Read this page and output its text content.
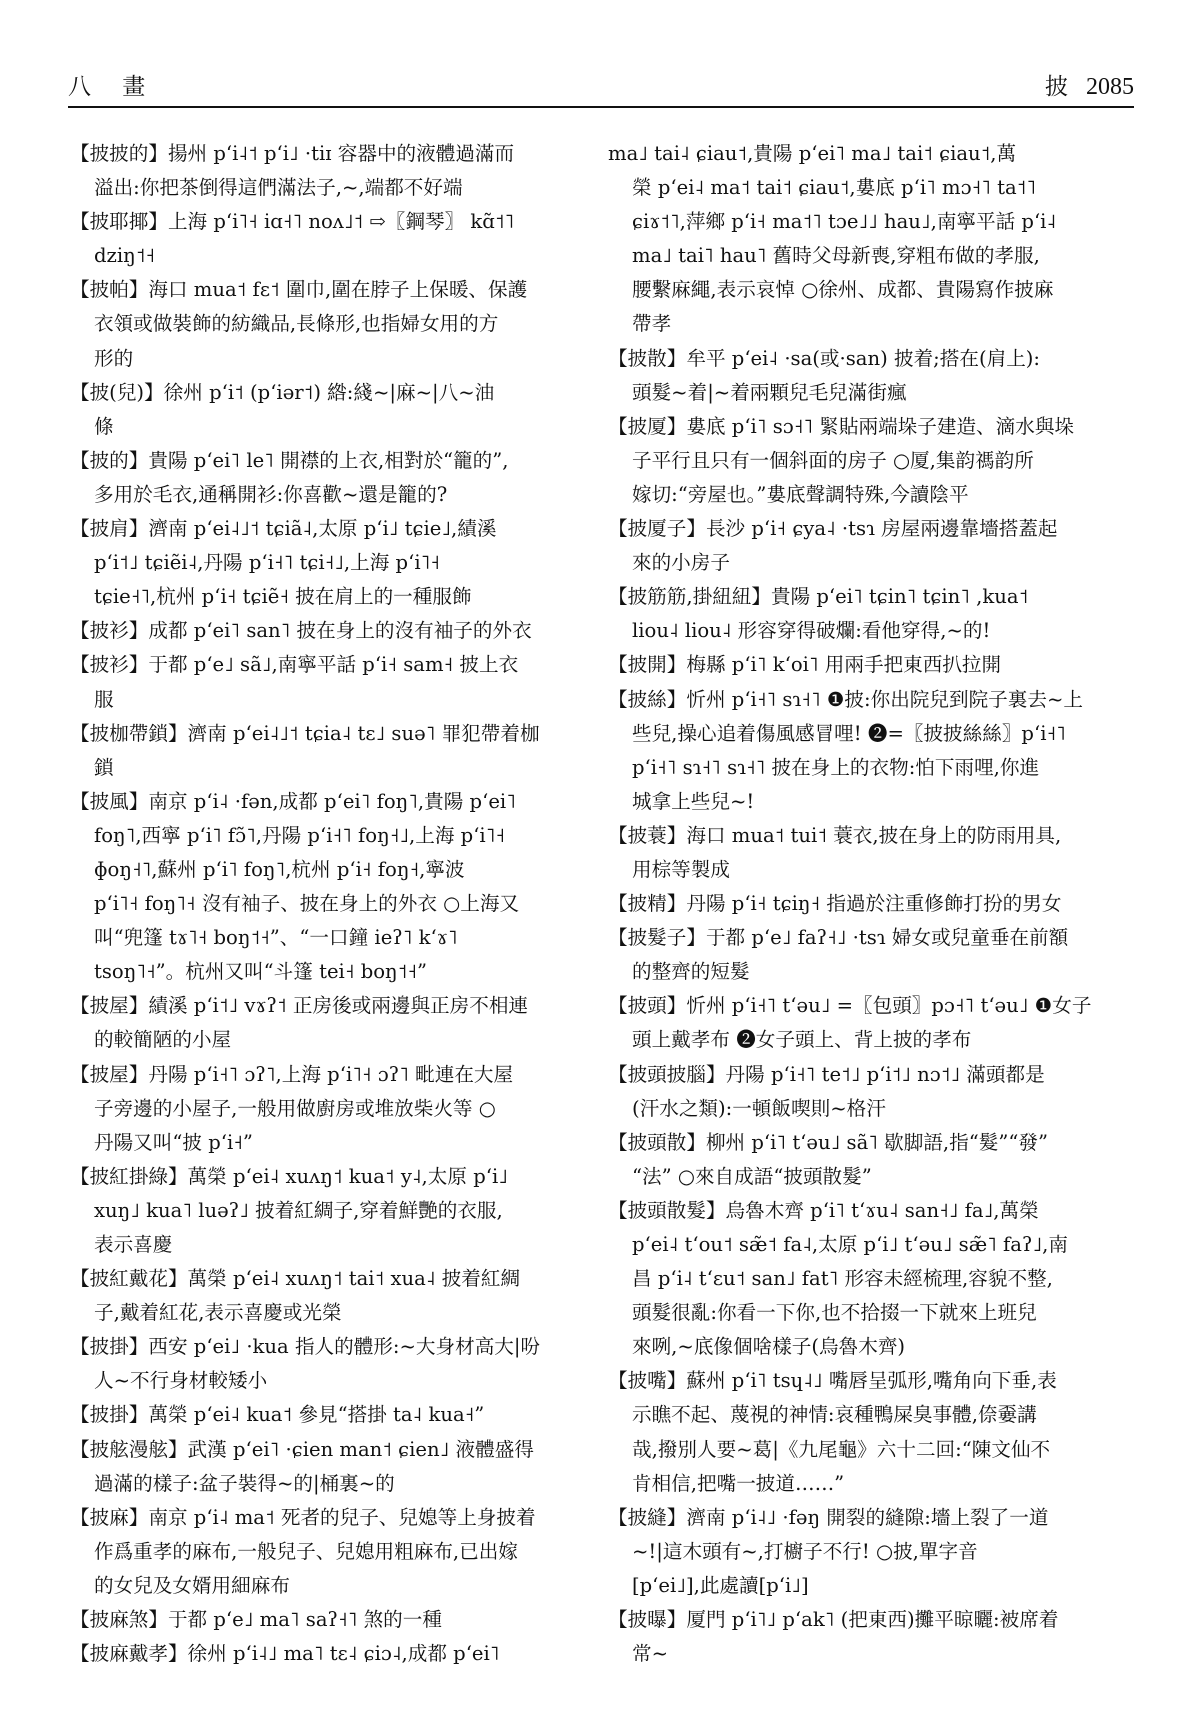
八 畫	披 2085
【披披的】揚州 pʻi˨˦ pʻi˩ ·tiɪ 容器中的液體過滿而
溢出:你把茶倒得這們滿法子,~,端都不好端
【披耶揶】上海 pʻi˥˧ iɑ˧˥ noʌ˩˦ ⇨〖鋼琴〗 kɑ̃˦˥
dziŋ˦˧
【披帕】海口 mua˦ fɛ˦ 圍巾,圍在脖子上保暖、保護
衣領或做裝飾的紡織品,長條形,也指婦女用的方
形的
【披(兒)】徐州 pʻi˦ (pʻiər˦) 綹:綫~|麻~|八~油
條
【披的】貴陽 pʻei˥ le˥ 開襟的上衣,相對於“籠的”,
多用於毛衣,通稱開衫:你喜歡~還是籠的?
【披肩】濟南 pʻei˨˩˦ tɕiã˨,太原 pʻi˩ tɕie˩,績溪
pʻi˦˩ tɕiẽi˨,丹陽 pʻi˧˥ tɕi˧˩,上海 pʻi˥˧
tɕie˧˥,杭州 pʻi˧ tɕiẽ˧ 披在肩上的一種服飾
【披衫】成都 pʻei˥ san˥ 披在身上的沒有袖子的外衣
【披衫】于都 pʻe˩ sã˩,南寧平話 pʻi˧ sam˧ 披上衣
服
【披枷帶鎖】濟南 pʻei˨˩˦ tɕia˨ tɛ˩ suə˥ 罪犯帶着枷
鎖
【披風】南京 pʻi˨ ·fən,成都 pʻei˥ foŋ˥,貴陽 pʻei˥
foŋ˥,西寧 pʻi˥ fɔ̃˥,丹陽 pʻi˧˥ foŋ˧˩,上海 pʻi˥˧
ɸoŋ˧˥,蘇州 pʻi˥ foŋ˥,杭州 pʻi˧ foŋ˧,寧波
pʻi˥˧ foŋ˥˧ 沒有袖子、披在身上的外衣 ○上海又
叫“兜篷 tɤ˥˧ boŋ˦˧”、“一口鐘 ieʔ˥ kʻɤ˥
tsoŋ˥˧”。杭州又叫“斗篷 tei˧ boŋ˦˧”
【披屋】績溪 pʻi˦˩ vɤʔ˦ 正房後或兩邊與正房不相連
的較簡陋的小屋
【披屋】丹陽 pʻi˧˥ ɔʔ˥,上海 pʻi˥˧ ɔʔ˥ 毗連在大屋
子旁邊的小屋子,一般用做廚房或堆放柴火等 ○
丹陽又叫“披 pʻi˧”
【披紅掛綠】萬榮 pʻei˨ xuʌŋ˦ kua˦ y˨,太原 pʻi˩
xuŋ˩ kua˥ luəʔ˩ 披着紅綢子,穿着鮮艷的衣服,
表示喜慶
【披紅戴花】萬榮 pʻei˨ xuʌŋ˦ tai˦ xua˨ 披着紅綢
子,戴着紅花,表示喜慶或光榮
【披掛】西安 pʻei˩ ·kua 指人的體形:~大身材高大|吩
人~不行身材較矮小
【披掛】萬榮 pʻei˨ kua˦ 參見“搭掛 ta˨ kua˧”
【披舷漫舷】武漢 pʻei˥ ·ɕien man˦ ɕien˩ 液體盛得
過滿的樣子:盆子裝得~的|桶裏~的
【披麻】南京 pʻi˨ ma˦ 死者的兒子、兒媳等上身披着
作爲重孝的麻布,一般兒子、兒媳用粗麻布,已出嫁
的女兒及女婿用細麻布
【披麻煞】于都 pʻe˩ ma˥ saʔ˧˥ 煞的一種
【披麻戴孝】徐州 pʻi˨˩ ma˥ tɛ˨ ɕiɔ˨,成都 pʻei˥
ma˩ tai˨ ɕiau˦,貴陽 pʻei˥ ma˩ tai˦ ɕiau˦,萬
榮 pʻei˨ ma˦ tai˦ ɕiau˦,婁底 pʻi˥ mɔ˧˥ ta˦˥
ɕiɤ˦˥,萍鄉 pʻi˧ ma˦˥ tɔe˩˩ hau˩,南寧平話 pʻi˨
ma˩ tai˥ hau˥ 舊時父母新喪,穿粗布做的孝服,
腰繫麻繩,表示哀悼 ○徐州、成都、貴陽寫作披麻
帶孝
【披散】牟平 pʻei˨ ·sa(或·san) 披着;搭在(肩上):
頭髮~着|~着兩顆兒毛兒滿街瘋
【披厦】婁底 pʻi˥ sɔ˧˥ 緊貼兩端垛子建造、滴水與垛
子平行且只有一個斜面的房子 ○厦,集韵禡韵所
嫁切:“旁屋也。”婁底聲調特殊,今讀陰平
【披厦子】長沙 pʻi˧ ɕya˨ ·tsɿ 房屋兩邊靠墻搭蓋起
來的小房子
【披筋筋,掛紐紐】貴陽 pʻei˥ tɕin˥ tɕin˥ ,kua˦
liou˨ liou˨ 形容穿得破爛:看他穿得,~的!
【披開】梅縣 pʻi˥ kʻoi˥ 用兩手把東西扒拉開
【披絲】忻州 pʻi˧˥ sɿ˧˥ ❶披:你出院兒到院子裏去~上
些兒,操心追着傷風感冒哩! ❷=〖披披絲絲〗pʻi˧˥
pʻi˧˥ sɿ˧˥ sɿ˧˥ 披在身上的衣物:怕下雨哩,你進
城拿上些兒~!
【披蓑】海口 mua˦ tui˦ 蓑衣,披在身上的防雨用具,
用棕等製成
【披精】丹陽 pʻi˧ tɕiŋ˧ 指過於注重修飾打扮的男女
【披髮子】于都 pʻe˩ faʔ˧˩ ·tsɿ 婦女或兒童垂在前額
的整齊的短髮
【披頭】忻州 pʻi˧˥ tʻəu˩ =〖包頭〗pɔ˧˥ tʻəu˩ ❶女子
頭上戴孝布 ❷女子頭上、背上披的孝布
【披頭披腦】丹陽 pʻi˧˥ te˦˩ pʻi˦˩ nɔ˦˩ 滿頭都是
(汗水之類):一頓飯喫則~格汗
【披頭散】柳州 pʻi˥ tʻəu˩ sã˥ 歇脚語,指“髮”“發”
“法” ○來自成語“披頭散髮”
【披頭散髮】烏魯木齊 pʻi˥ tʻɤu˨ san˧˩ fa˩,萬榮
pʻei˨ tʻou˦ sæ̃˦ fa˨,太原 pʻi˩ tʻəu˩ sæ̃˥ faʔ˩,南
昌 pʻi˨ tʻɛu˦ san˩ fat˥ 形容未經梳理,容貌不整,
頭髮很亂:你看一下你,也不拾掇一下就來上班兒
來咧,~底像個啥樣子(烏魯木齊)
【披嘴】蘇州 pʻi˥ tsɥ˨˩ 嘴唇呈弧形,嘴角向下垂,表
示瞧不起、蔑視的神情:哀種鴨屎臭事體,倷嫑講
哉,撥別人要~葛|《九尾龜》六十二回:“陳文仙不
肯相信,把嘴一披道……”
【披縫】濟南 pʻi˨˩ ·fəŋ 開裂的縫隙:墻上裂了一道
~!|這木頭有~,打櫥子不行! ○披,單字音
[pʻei˩],此處讀[pʻi˩]
【披曝】厦門 pʻi˥˩ pʻak˥ (把東西)攤平晾曬:被席着
常~
